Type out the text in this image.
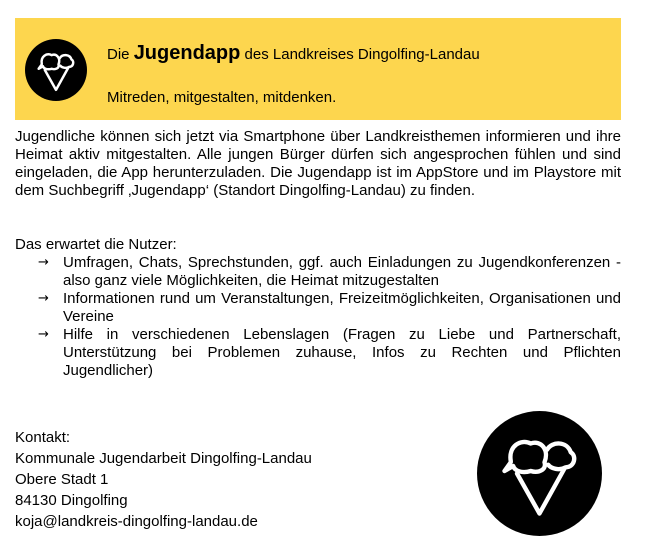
Die Jugendapp des Landkreises Dingolfing-Landau
Mitreden, mitgestalten, mitdenken.

Jugendliche können sich jetzt via Smartphone über Landkreisthemen informieren und ihre Heimat aktiv mitgestalten. Alle jungen Bürger dürfen sich angesprochen fühlen und sind eingeladen, die App herunterzuladen. Die Jugendapp ist im AppStore und im Playstore mit dem Suchbegriff ‚Jugendapp‘ (Standort Dingolfing-Landau) zu finden.

Das erwartet die Nutzer:

→ Umfragen, Chats, Sprechstunden, ggf. auch Einladungen zu Jugendkonferenzen - also ganz viele Möglichkeiten, die Heimat mitzugestalten
→ Informationen rund um Veranstaltungen, Freizeitmöglichkeiten, Organisationen und Vereine
→ Hilfe in verschiedenen Lebenslagen (Fragen zu Liebe und Partnerschaft, Unterstützung bei Problemen zuhause, Infos zu Rechten und Pflichten Jugendlicher)
Kontakt:
Kommunale Jugendarbeit Dingolfing-Landau
Obere Stadt 1
84130 Dingolfing
koja@landkreis-dingolfing-landau.de
